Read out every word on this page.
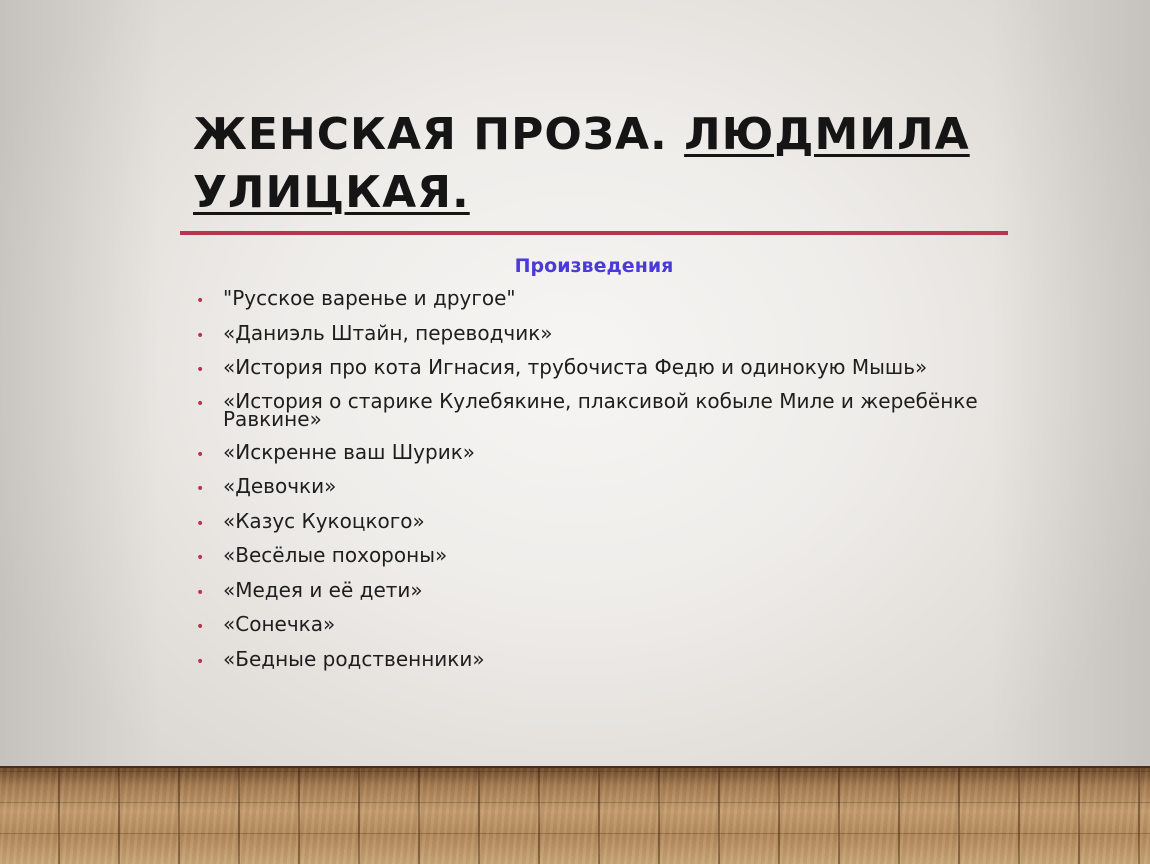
ЖЕНСКАЯ ПРОЗА. ЛЮДМИЛА УЛИЦКАЯ.
Произведения
• "Русское варенье и другое"
• «Даниэль Штайн, переводчик»
• «История про кота Игнасия, трубочиста Федю и одинокую Мышь»
• «История о старике Кулебякине, плаксивой кобыле Миле и жеребёнке Равкине»
• «Искренне ваш Шурик»
• «Девочки»
• «Казус Кукоцкого»
• «Весёлые похороны»
• «Медея и её дети»
• «Сонечка»
• «Бедные родственники»
